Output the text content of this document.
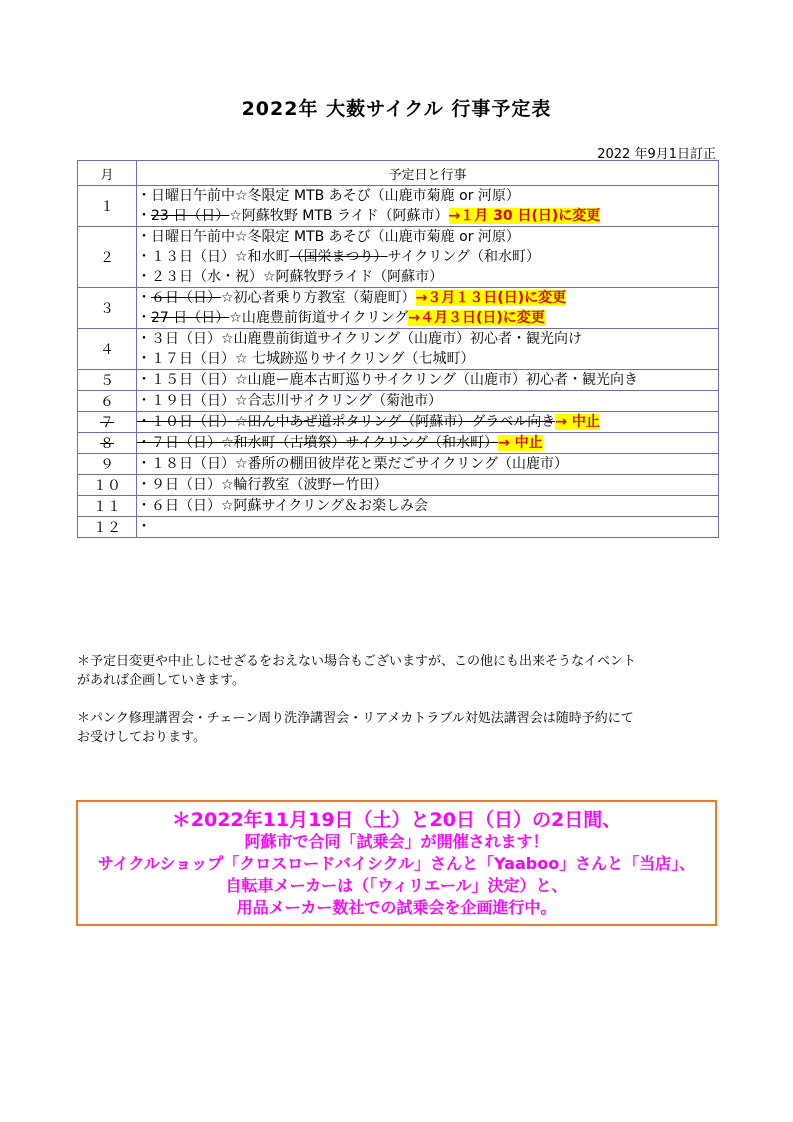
2022年 大薮サイクル 行事予定表
2022 年9月1日訂正
月	予定日と行事
１	・日曜日午前中☆冬限定 MTB あそび（山鹿市菊鹿 or 河原）
・23 日（日）☆阿蘇牧野 MTB ライド（阿蘇市）→１月 30 日(日)に変更

２	・日曜日午前中☆冬限定 MTB あそび（山鹿市菊鹿 or 河原）
・１３日（日）☆和水町（国栄まつり）サイクリング（和水町）
・２３日（水・祝）☆阿蘇牧野ライド（阿蘇市）

３	・６日（日）☆初心者乗り方教室（菊鹿町）→３月１３日(日)に変更
・27 日（日）☆山鹿豊前街道サイクリング→４月３日(日)に変更

４	・３日（日）☆山鹿豊前街道サイクリング（山鹿市）初心者・観光向け
・１７日（日）☆ 七城跡巡りサイクリング（七城町）

５	・１５日（日）☆山鹿ー鹿本古町巡りサイクリング（山鹿市）初心者・観光向き

６	・１９日（日）☆合志川サイクリング（菊池市）

７	・１０日（日）☆田ん中あぜ道ポタリング（阿蘇市）グラベル向き→ 中止

８	・７日（日）☆和水町（古墳祭）サイクリング（和水町）→ 中止

９	・１８日（日）☆番所の棚田彼岸花と栗だごサイクリング（山鹿市）

１０	・９日（日）☆輪行教室（波野ー竹田）

１１	・６日（日）☆阿蘇サイクリング＆お楽しみ会

１２	・
＊予定日変更や中止しにせざるをおえない場合もございますが、この他にも出来そうなイベント
があれば企画していきます。
＊パンク修理講習会・チェーン周り洗浄講習会・リアメカトラブル対処法講習会は随時予約にて
お受けしております。
＊2022年11月19日（土）と20日（日）の2日間、
阿蘇市で合同「試乗会」が開催されます！
サイクルショップ「クロスロードバイシクル」さんと「Yaaboo」さんと「当店」、
自転車メーカーは（「ウィリエール」決定）と、
用品メーカー数社での試乗会を企画進行中。
